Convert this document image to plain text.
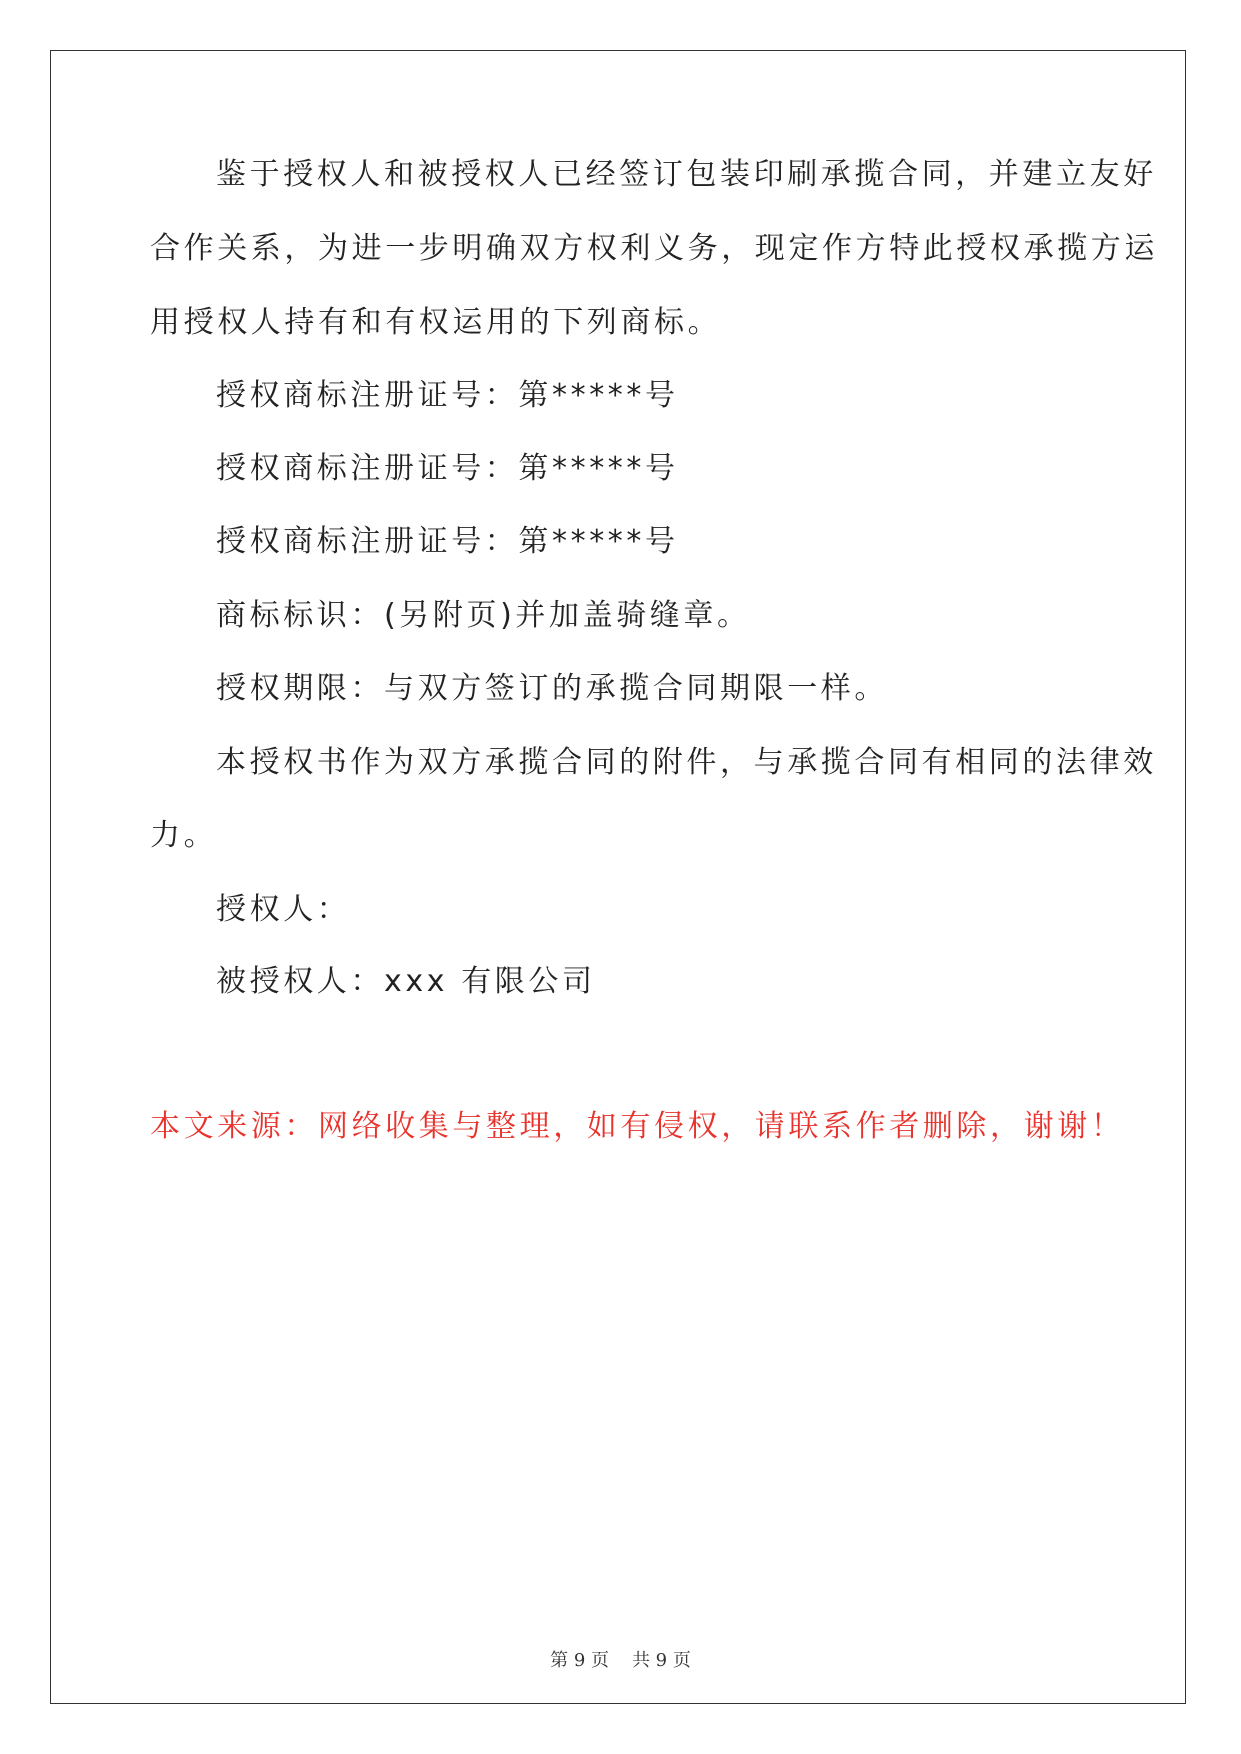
鉴于授权人和被授权人已经签订包装印刷承揽合同，并建立友好
合作关系，为进一步明确双方权利义务，现定作方特此授权承揽方运
用授权人持有和有权运用的下列商标。
授权商标注册证号：第*****号
授权商标注册证号：第*****号
授权商标注册证号：第*****号
商标标识：(另附页)并加盖骑缝章。
授权期限：与双方签订的承揽合同期限一样。
本授权书作为双方承揽合同的附件，与承揽合同有相同的法律效
力。
授权人：
被授权人：xxx 有限公司
本文来源：网络收集与整理，如有侵权，请联系作者删除，谢谢！
第 9 页    共 9 页
